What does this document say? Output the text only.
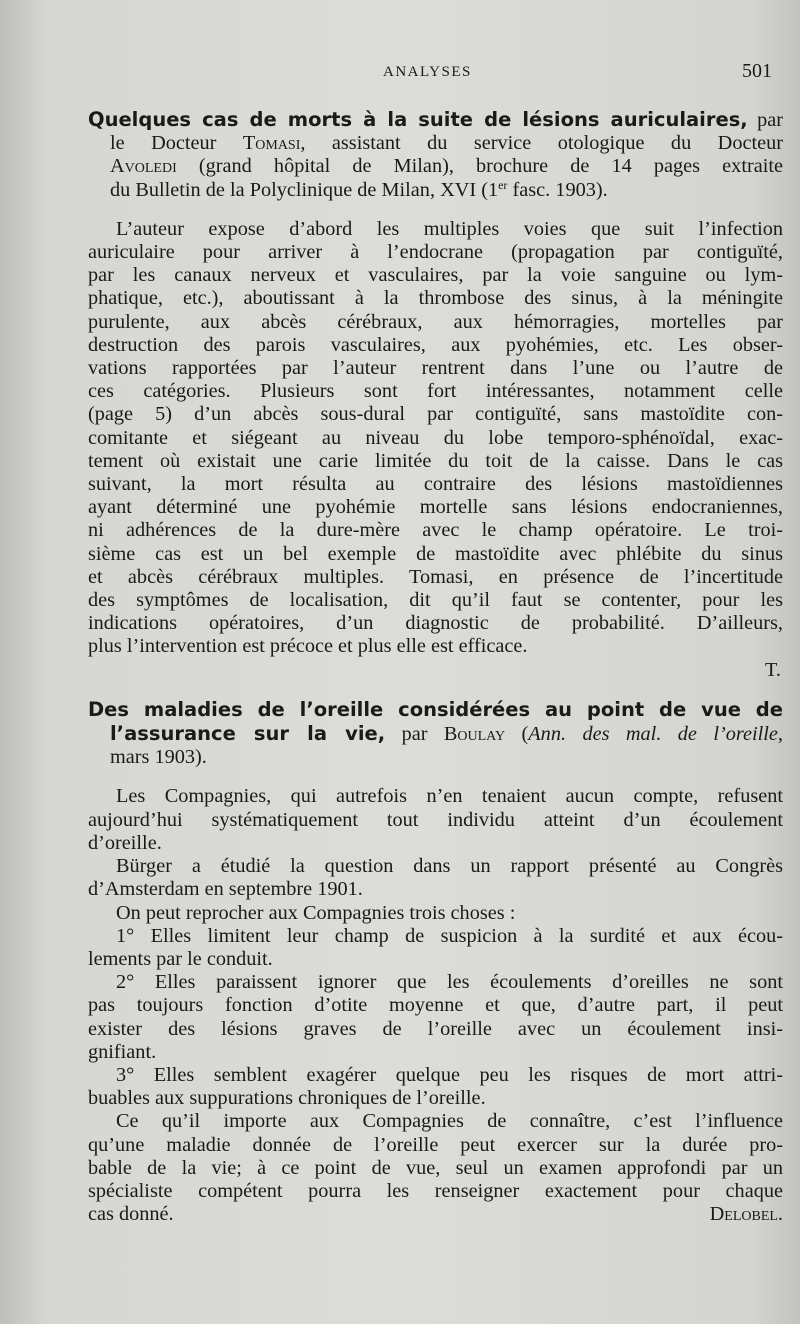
ANALYSES	501
Quelques cas de morts à la suite de lésions auriculaires, par
le Docteur Tomasi, assistant du service otologique du Docteur
Avoledi (grand hôpital de Milan), brochure de 14 pages extraite
du Bulletin de la Polyclinique de Milan, XVI (1er fasc. 1903).
L’auteur expose d’abord les multiples voies que suit l’infection
auriculaire pour arriver à l’endocrane (propagation par contiguïté,
par les canaux nerveux et vasculaires, par la voie sanguine ou lym-
phatique, etc.), aboutissant à la thrombose des sinus, à la méningite
purulente, aux abcès cérébraux, aux hémorragies, mortelles par
destruction des parois vasculaires, aux pyohémies, etc. Les obser-
vations rapportées par l’auteur rentrent dans l’une ou l’autre de
ces catégories. Plusieurs sont fort intéressantes, notamment celle
(page 5) d’un abcès sous-dural par contiguïté, sans mastoïdite con-
comitante et siégeant au niveau du lobe temporo-sphénoïdal, exac-
tement où existait une carie limitée du toit de la caisse. Dans le cas
suivant, la mort résulta au contraire des lésions mastoïdiennes
ayant déterminé une pyohémie mortelle sans lésions endocraniennes,
ni adhérences de la dure-mère avec le champ opératoire. Le troi-
sième cas est un bel exemple de mastoïdite avec phlébite du sinus
et abcès cérébraux multiples. Tomasi, en présence de l’incertitude
des symptômes de localisation, dit qu’il faut se contenter, pour les
indications opératoires, d’un diagnostic de probabilité. D’ailleurs,
plus l’intervention est précoce et plus elle est efficace.
T.
Des maladies de l’oreille considérées au point de vue de
l’assurance sur la vie, par Boulay (Ann. des mal. de l’oreille,
mars 1903).
Les Compagnies, qui autrefois n’en tenaient aucun compte, refusent
aujourd’hui systématiquement tout individu atteint d’un écoulement
d’oreille.
Bürger a étudié la question dans un rapport présenté au Congrès
d’Amsterdam en septembre 1901.
On peut reprocher aux Compagnies trois choses :
1° Elles limitent leur champ de suspicion à la surdité et aux écou-
lements par le conduit.
2° Elles paraissent ignorer que les écoulements d’oreilles ne sont
pas toujours fonction d’otite moyenne et que, d’autre part, il peut
exister des lésions graves de l’oreille avec un écoulement insi-
gnifiant.
3° Elles semblent exagérer quelque peu les risques de mort attri-
buables aux suppurations chroniques de l’oreille.
Ce qu’il importe aux Compagnies de connaître, c’est l’influence
qu’une maladie donnée de l’oreille peut exercer sur la durée pro-
bable de la vie; à ce point de vue, seul un examen approfondi par un
spécialiste compétent pourra les renseigner exactement pour chaque
cas donné.	Delobel.
